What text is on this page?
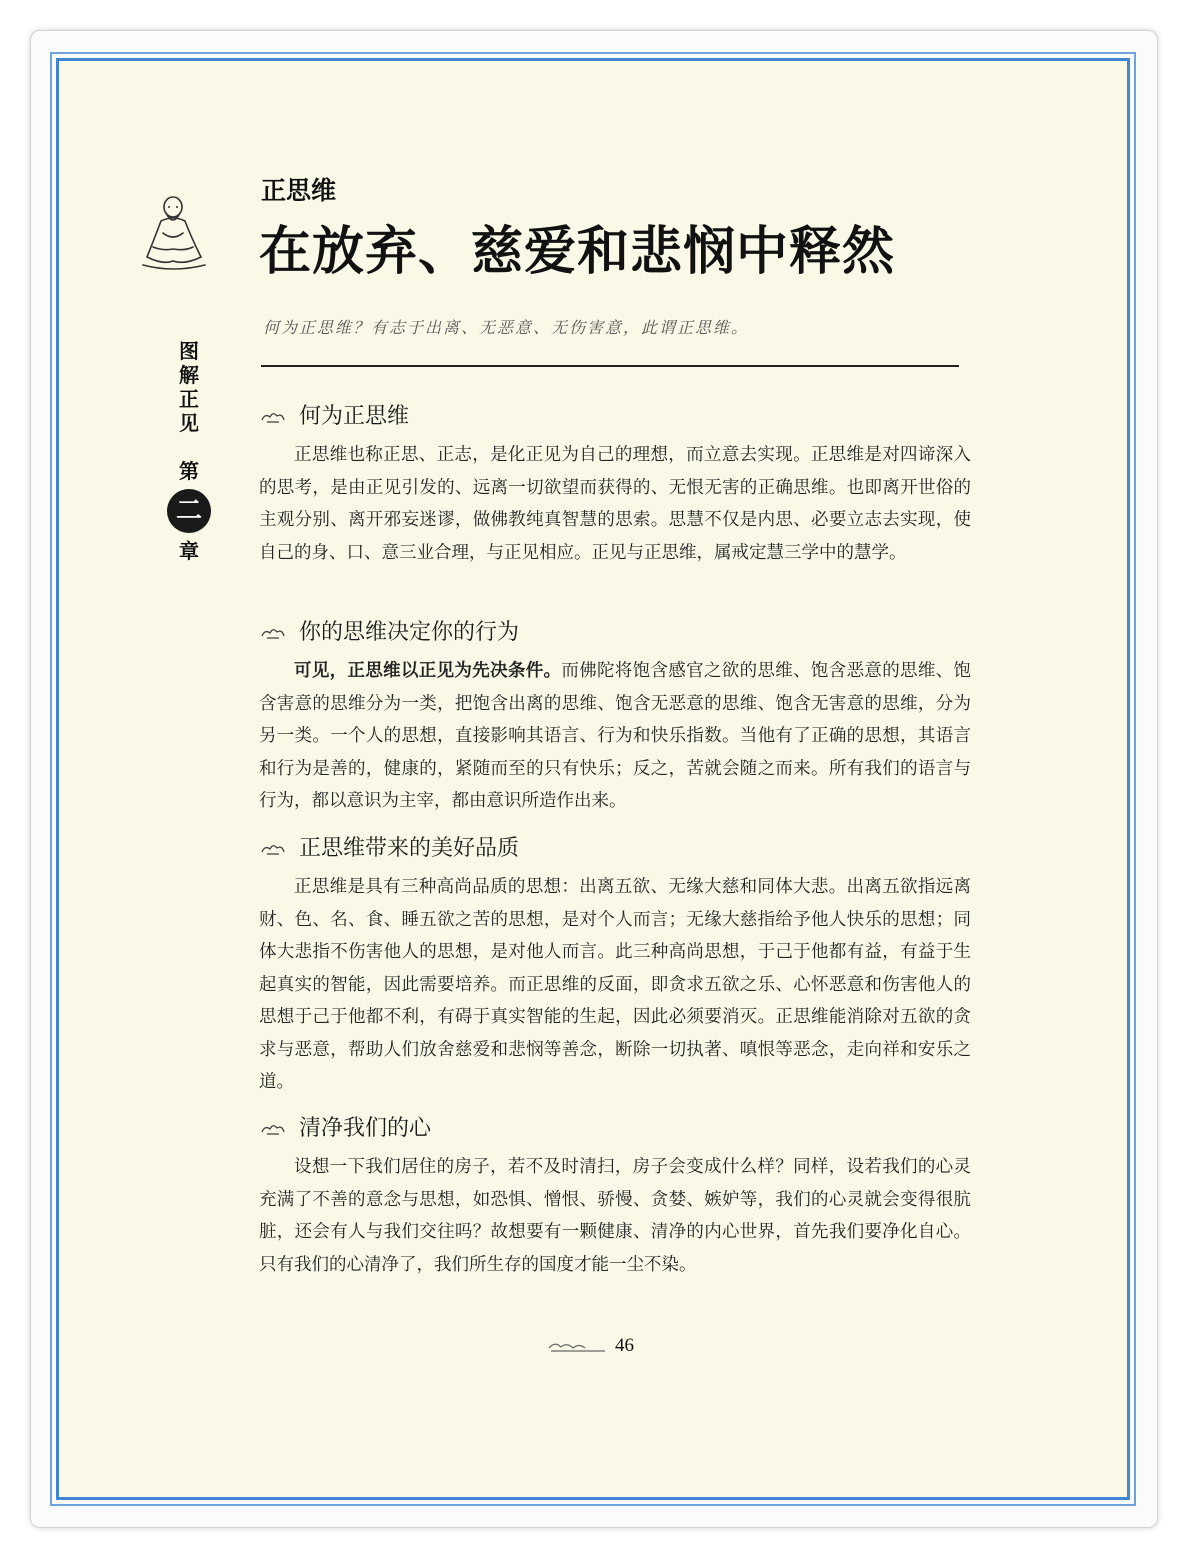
图
解
正
见
第
二
章
正思维
在放弃、慈爱和悲悯中释然
何为正思维？有志于出离、无恶意、无伤害意，此谓正思维。
何为正思维

正思维也称正思、正志，是化正见为自己的理想，而立意去实现。正思维是对四谛深入的思考，是由正见引发的、远离一切欲望而获得的、无恨无害的正确思维。也即离开世俗的主观分别、离开邪妄迷谬，做佛教纯真智慧的思索。思慧不仅是内思、必要立志去实现，使自己的身、口、意三业合理，与正见相应。正见与正思维，属戒定慧三学中的慧学。

你的思维决定你的行为

可见，正思维以正见为先决条件。而佛陀将饱含感官之欲的思维、饱含恶意的思维、饱含害意的思维分为一类，把饱含出离的思维、饱含无恶意的思维、饱含无害意的思维，分为另一类。一个人的思想，直接影响其语言、行为和快乐指数。当他有了正确的思想，其语言和行为是善的，健康的，紧随而至的只有快乐；反之，苦就会随之而来。所有我们的语言与行为，都以意识为主宰，都由意识所造作出来。

正思维带来的美好品质

正思维是具有三种高尚品质的思想：出离五欲、无缘大慈和同体大悲。出离五欲指远离财、色、名、食、睡五欲之苦的思想，是对个人而言；无缘大慈指给予他人快乐的思想；同体大悲指不伤害他人的思想，是对他人而言。此三种高尚思想，于己于他都有益，有益于生起真实的智能，因此需要培养。而正思维的反面，即贪求五欲之乐、心怀恶意和伤害他人的思想于己于他都不利，有碍于真实智能的生起，因此必须要消灭。正思维能消除对五欲的贪求与恶意，帮助人们放舍慈爱和悲悯等善念，断除一切执著、嗔恨等恶念，走向祥和安乐之道。

清净我们的心

设想一下我们居住的房子，若不及时清扫，房子会变成什么样？同样，设若我们的心灵充满了不善的意念与思想，如恐惧、憎恨、骄慢、贪婪、嫉妒等，我们的心灵就会变得很肮脏，还会有人与我们交往吗？故想要有一颗健康、清净的内心世界，首先我们要净化自心。只有我们的心清净了，我们所生存的国度才能一尘不染。

46
